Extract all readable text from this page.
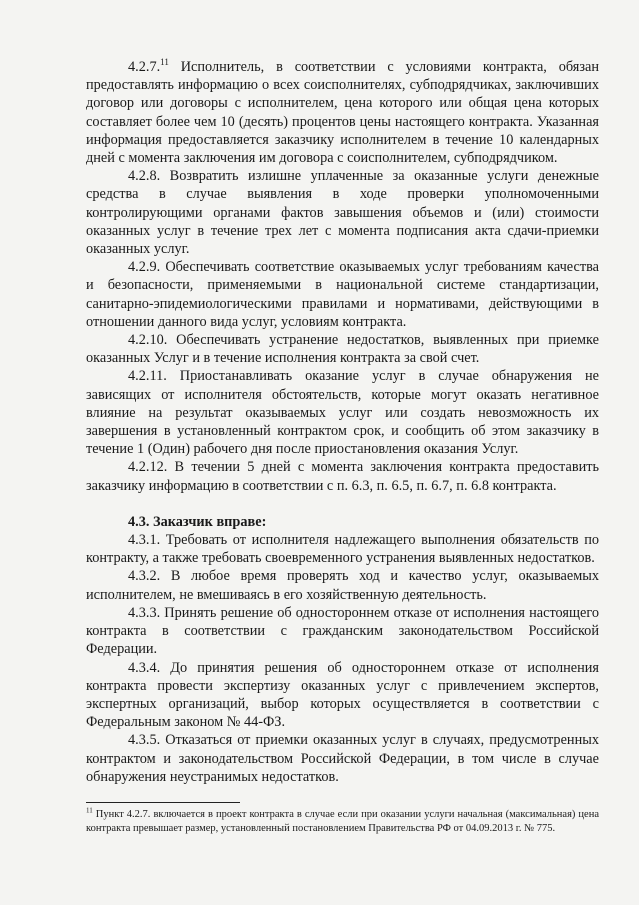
4.2.7.11 Исполнитель, в соответствии с условиями контракта, обязан предоставлять информацию о всех соисполнителях, субподрядчиках, заключивших договор или договоры с исполнителем, цена которого или общая цена которых составляет более чем 10 (десять) процентов цены настоящего контракта. Указанная информация предоставляется заказчику исполнителем в течение 10 календарных дней с момента заключения им договора с соисполнителем, субподрядчиком.

4.2.8. Возвратить излишне уплаченные за оказанные услуги денежные средства в случае выявления в ходе проверки уполномоченными контролирующими органами фактов завышения объемов и (или) стоимости оказанных услуг в течение трех лет с момента подписания акта сдачи-приемки оказанных услуг.

4.2.9. Обеспечивать соответствие оказываемых услуг требованиям качества и безопасности, применяемыми в национальной системе стандартизации, санитарно-эпидемиологическими правилами и нормативами, действующими в отношении данного вида услуг, условиям контракта.

4.2.10. Обеспечивать устранение недостатков, выявленных при приемке оказанных Услуг и в течение исполнения контракта за свой счет.

4.2.11. Приостанавливать оказание услуг в случае обнаружения не зависящих от исполнителя обстоятельств, которые могут оказать негативное влияние на результат оказываемых услуг или создать невозможность их завершения в установленный контрактом срок, и сообщить об этом заказчику в течение 1 (Один) рабочего дня после приостановления оказания Услуг.

4.2.12. В течении 5 дней с момента заключения контракта предоставить заказчику информацию в соответствии с п. 6.3, п. 6.5, п. 6.7, п. 6.8 контракта.

4.3. Заказчик вправе:

4.3.1. Требовать от исполнителя надлежащего выполнения обязательств по контракту, а также требовать своевременного устранения выявленных недостатков.

4.3.2. В любое время проверять ход и качество услуг, оказываемых исполнителем, не вмешиваясь в его хозяйственную деятельность.

4.3.3. Принять решение об одностороннем отказе от исполнения настоящего контракта в соответствии с гражданским законодательством Российской Федерации.

4.3.4. До принятия решения об одностороннем отказе от исполнения контракта провести экспертизу оказанных услуг с привлечением экспертов, экспертных организаций, выбор которых осуществляется в соответствии с Федеральным законом № 44-ФЗ.

4.3.5. Отказаться от приемки оказанных услуг в случаях, предусмотренных контрактом и законодательством Российской Федерации, в том числе в случае обнаружения неустранимых недостатков.

$^{11}$ Пункт 4.2.7. включается в проект контракта в случае если при оказании услуги начальная (максимальная) цена контракта превышает размер, установленный постановлением Правительства РФ от 04.09.2013 г. № 775.
